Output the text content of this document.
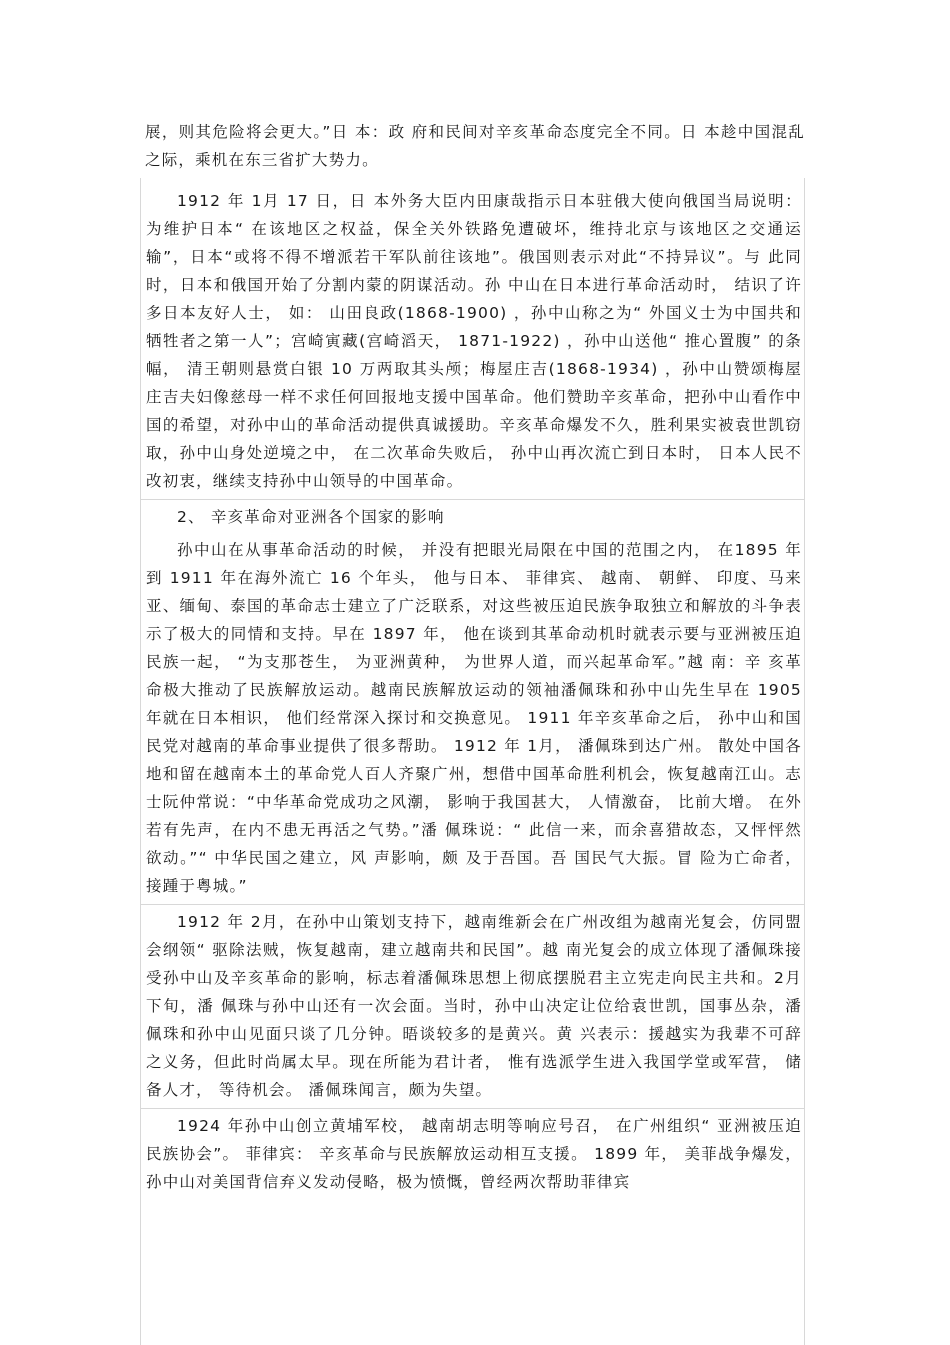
展，则其危险将会更大。”日 本：政 府和民间对辛亥革命态度完全不同。日 本趁中国混乱之际，乘机在东三省扩大势力。

1912 年 1月 17 日，日 本外务大臣内田康哉指示日本驻俄大使向俄国当局说明：为维护日本“ 在该地区之权益，保全关外铁路免遭破坏，维持北京与该地区之交通运输”，日本“或将不得不增派若干军队前往该地”。俄国则表示对此“不持异议”。与 此同时，日本和俄国开始了分割内蒙的阴谋活动。孙 中山在日本进行革命活动时， 结识了许多日本友好人士， 如： 山田良政(1868-1900) ，孙中山称之为“ 外国义士为中国共和牺牲者之第一人”；宫崎寅藏(宫崎滔天， 1871-1922) ，孙中山送他“ 推心置腹” 的条幅， 清王朝则悬赏白银 10 万两取其头颅；梅屋庄吉(1868-1934) ，孙中山赞颂梅屋庄吉夫妇像慈母一样不求任何回报地支援中国革命。他们赞助辛亥革命，把孙中山看作中国的希望，对孙中山的革命活动提供真诚援助。辛亥革命爆发不久，胜利果实被袁世凯窃取，孙中山身处逆境之中， 在二次革命失败后， 孙中山再次流亡到日本时， 日本人民不改初衷，继续支持孙中山领导的中国革命。

2、 辛亥革命对亚洲各个国家的影响

孙中山在从事革命活动的时候， 并没有把眼光局限在中国的范围之内， 在1895 年到 1911 年在海外流亡 16 个年头， 他与日本、 菲律宾、 越南、 朝鲜、 印度、马来亚、缅甸、泰国的革命志士建立了广泛联系，对这些被压迫民族争取独立和解放的斗争表示了极大的同情和支持。早在 1897 年， 他在谈到其革命动机时就表示要与亚洲被压迫民族一起， “为支那苍生， 为亚洲黄种， 为世界人道，而兴起革命军。”越 南：辛 亥革命极大推动了民族解放运动。越南民族解放运动的领袖潘佩珠和孙中山先生早在 1905 年就在日本相识， 他们经常深入探讨和交换意见。 1911 年辛亥革命之后， 孙中山和国民党对越南的革命事业提供了很多帮助。 1912 年 1月， 潘佩珠到达广州。 散处中国各地和留在越南本土的革命党人百人齐聚广州，想借中国革命胜利机会，恢复越南江山。志士阮仲常说：“中华革命党成功之风潮， 影响于我国甚大， 人情激奋， 比前大增。 在外若有先声，在内不患无再活之气势。”潘 佩珠说：“ 此信一来，而余喜猎故态，又怦怦然欲动。”“ 中华民国之建立，风 声影响，颇 及于吾国。吾 国民气大振。冒 险为亡命者， 接踵于粤城。”

1912 年 2月，在孙中山策划支持下，越南维新会在广州改组为越南光复会，仿同盟会纲领“ 驱除法贼，恢复越南，建立越南共和民国”。越 南光复会的成立体现了潘佩珠接受孙中山及辛亥革命的影响，标志着潘佩珠思想上彻底摆脱君主立宪走向民主共和。2月下旬，潘 佩珠与孙中山还有一次会面。当时，孙中山决定让位给袁世凯，国事丛杂，潘佩珠和孙中山见面只谈了几分钟。晤谈较多的是黄兴。黄 兴表示：援越实为我辈不可辞之义务，但此时尚属太早。现在所能为君计者， 惟有选派学生进入我国学堂或军营， 储备人才， 等待机会。 潘佩珠闻言，颇为失望。

1924 年孙中山创立黄埔军校， 越南胡志明等响应号召， 在广州组织“ 亚洲被压迫民族协会”。 菲律宾： 辛亥革命与民族解放运动相互支援。 1899 年， 美菲战争爆发，孙中山对美国背信弃义发动侵略，极为愤慨，曾经两次帮助菲律宾
